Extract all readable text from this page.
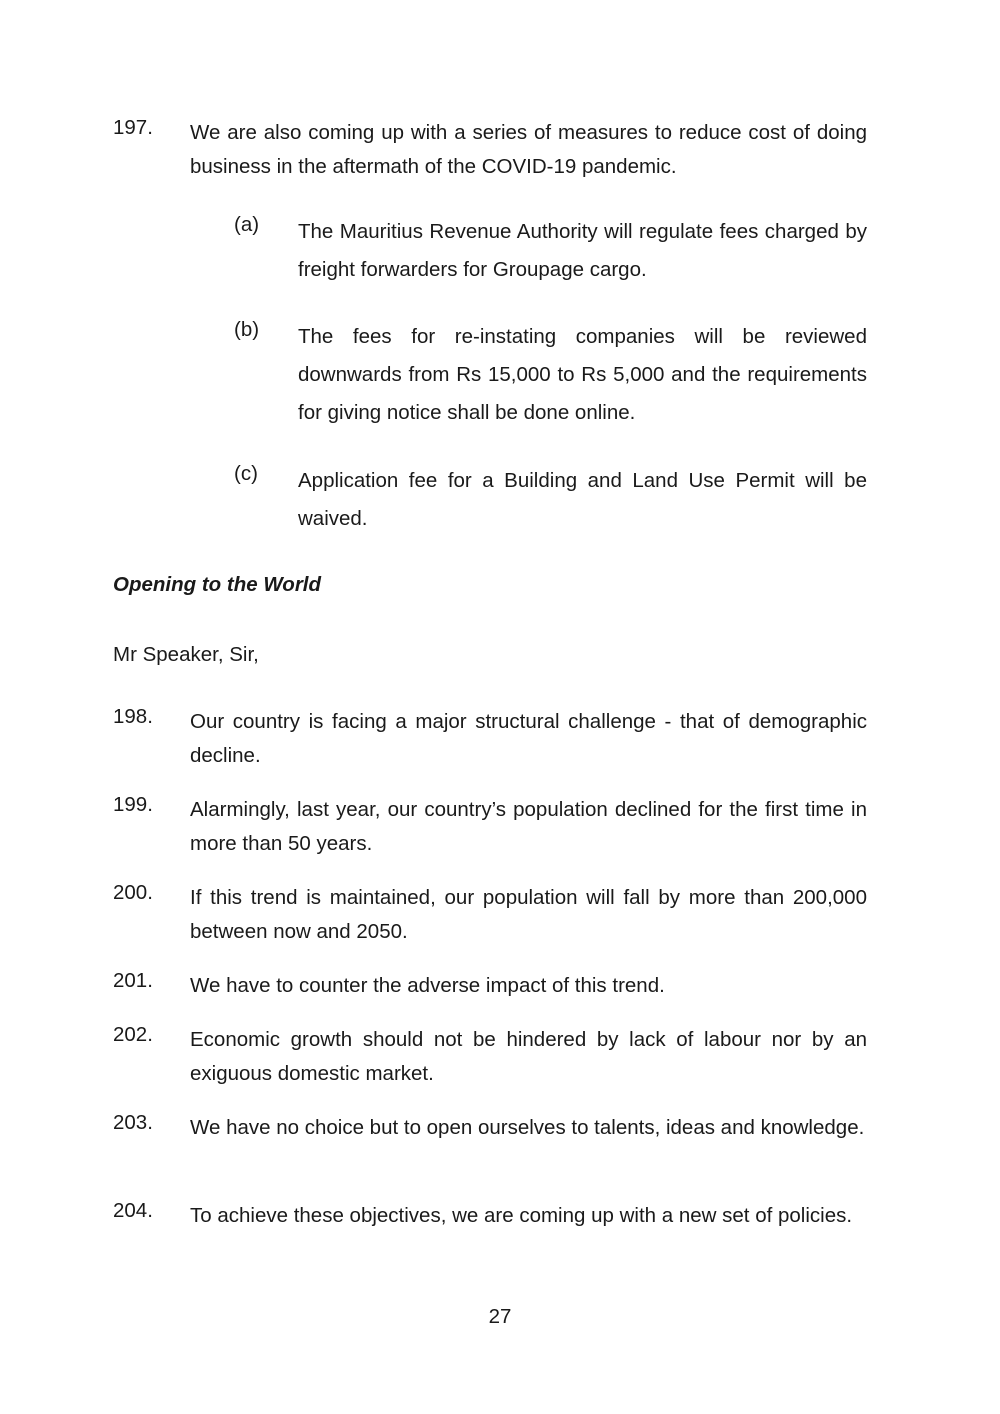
197.	We are also coming up with a series of measures to reduce cost of doing business in the aftermath of the COVID-19 pandemic.
(a)	The Mauritius Revenue Authority will regulate fees charged by freight forwarders for Groupage cargo.
(b)	The fees for re-instating companies will be reviewed downwards from Rs 15,000 to Rs 5,000 and the requirements for giving notice shall be done online.
(c)	Application fee for a Building and Land Use Permit will be waived.
Opening to the World
Mr Speaker, Sir,
198.	Our country is facing a major structural challenge - that of demographic decline.
199.	Alarmingly, last year, our country’s population declined for the first time in more than 50 years.
200.	If this trend is maintained, our population will fall by more than 200,000 between now and 2050.
201.	We have to counter the adverse impact of this trend.
202.	Economic growth should not be hindered by lack of labour nor by an exiguous domestic market.
203.	We have no choice but to open ourselves to talents, ideas and knowledge.
204.	To achieve these objectives, we are coming up with a new set of policies.
27
